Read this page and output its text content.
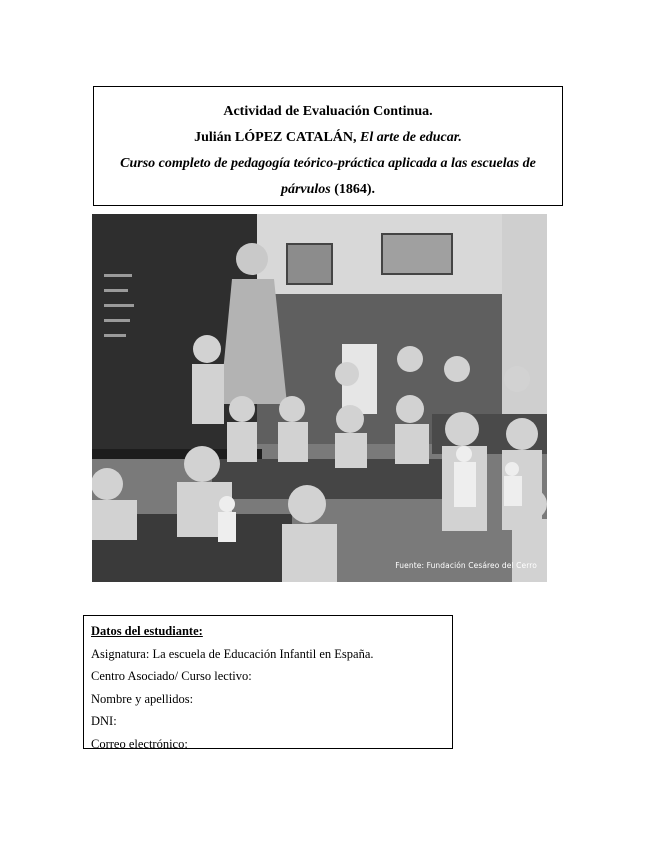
Actividad de Evaluación Continua.
Julián LÓPEZ CATALÁN, El arte de educar.
Curso completo de pedagogía teórico-práctica aplicada a las escuelas de
párvulos (1864).
Fuente: Fundación Cesáreo del Cerro
Datos del estudiante:
Asignatura: La escuela de Educación Infantil en España.
Centro Asociado/ Curso lectivo:
Nombre y apellidos:
DNI:
Correo electrónico:
